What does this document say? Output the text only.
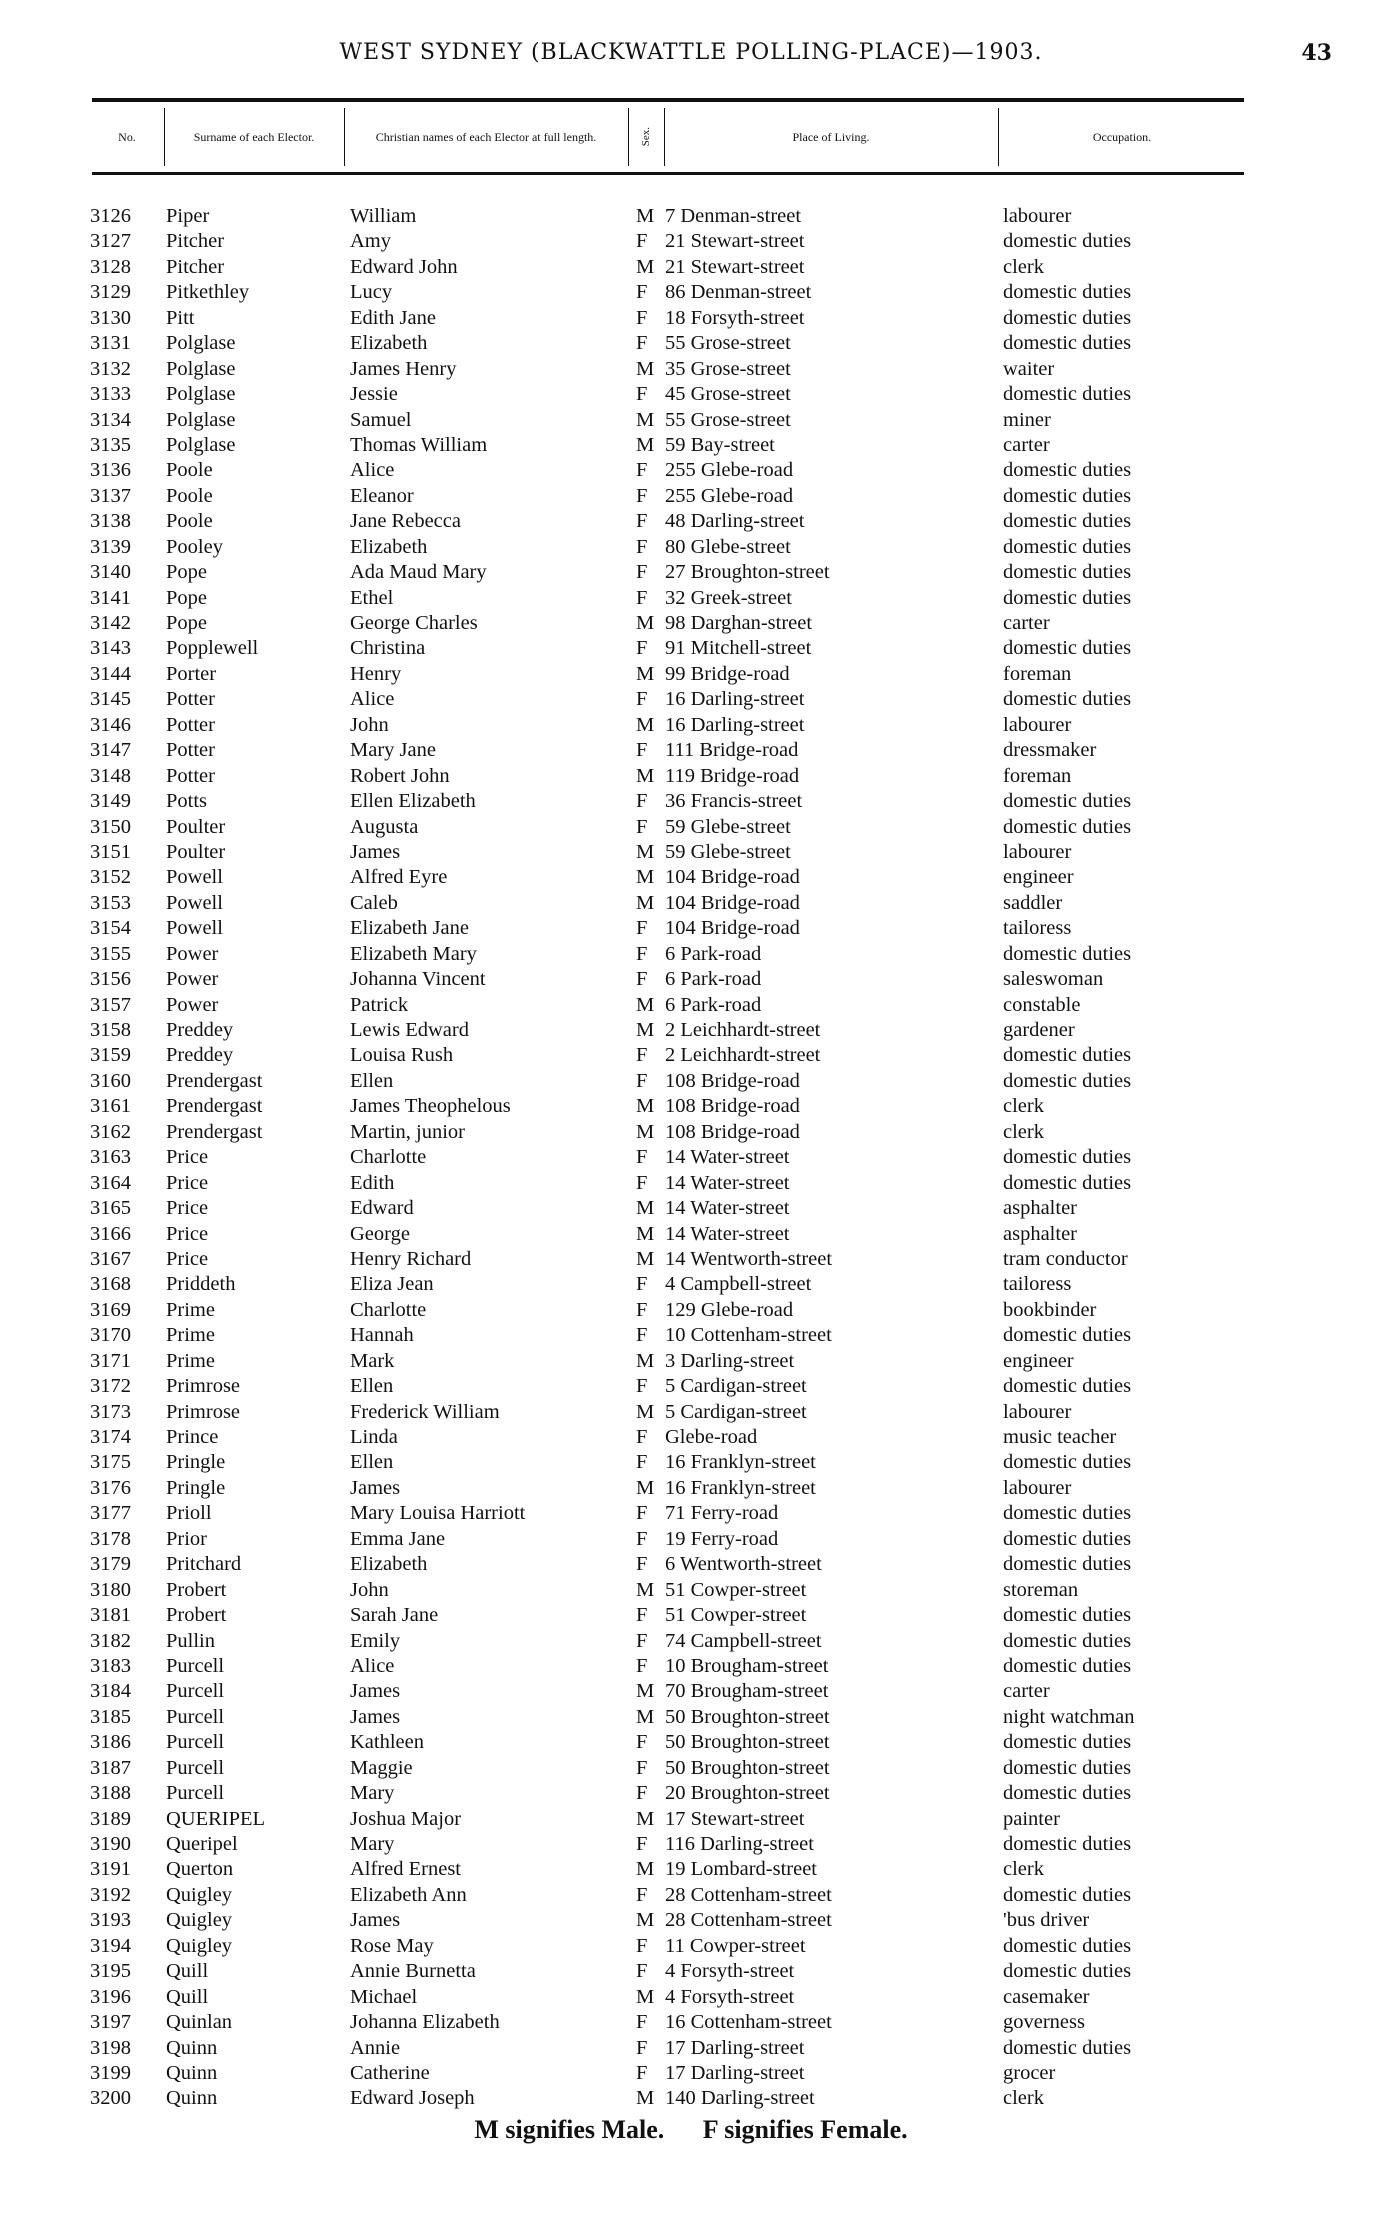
WEST SYDNEY (BLACKWATTLE POLLING-PLACE)—1903.	43
No.	Surname of each Elector.	Christian names of each Elector at full length.	Sex.	Place of Living.	Occupation.
3126 Piper	William	M 7 Denman-street	labourer
3127 Pitcher	Amy	F 21 Stewart-street	domestic duties
3128 Pitcher	Edward John	M 21 Stewart-street	clerk
3129 Pitkethley	Lucy	F 86 Denman-street	domestic duties
3130 Pitt	Edith Jane	F 18 Forsyth-street	domestic duties
3131 Polglase	Elizabeth	F 55 Grose-street	domestic duties
3132 Polglase	James Henry	M 35 Grose-street	waiter
3133 Polglase	Jessie	F 45 Grose-street	domestic duties
3134 Polglase	Samuel	M 55 Grose-street	miner
3135 Polglase	Thomas William	M 59 Bay-street	carter
3136 Poole	Alice	F 255 Glebe-road	domestic duties
3137 Poole	Eleanor	F 255 Glebe-road	domestic duties
3138 Poole	Jane Rebecca	F 48 Darling-street	domestic duties
3139 Pooley	Elizabeth	F 80 Glebe-street	domestic duties
3140 Pope	Ada Maud Mary	F 27 Broughton-street	domestic duties
3141 Pope	Ethel	F 32 Greek-street	domestic duties
3142 Pope	George Charles	M 98 Darghan-street	carter
3143 Popplewell	Christina	F 91 Mitchell-street	domestic duties
3144 Porter	Henry	M 99 Bridge-road	foreman
3145 Potter	Alice	F 16 Darling-street	domestic duties
3146 Potter	John	M 16 Darling-street	labourer
3147 Potter	Mary Jane	F 111 Bridge-road	dressmaker
3148 Potter	Robert John	M 119 Bridge-road	foreman
3149 Potts	Ellen Elizabeth	F 36 Francis-street	domestic duties
3150 Poulter	Augusta	F 59 Glebe-street	domestic duties
3151 Poulter	James	M 59 Glebe-street	labourer
3152 Powell	Alfred Eyre	M 104 Bridge-road	engineer
3153 Powell	Caleb	M 104 Bridge-road	saddler
3154 Powell	Elizabeth Jane	F 104 Bridge-road	tailoress
3155 Power	Elizabeth Mary	F 6 Park-road	domestic duties
3156 Power	Johanna Vincent	F 6 Park-road	saleswoman
3157 Power	Patrick	M 6 Park-road	constable
3158 Preddey	Lewis Edward	M 2 Leichhardt-street	gardener
3159 Preddey	Louisa Rush	F 2 Leichhardt-street	domestic duties
3160 Prendergast	Ellen	F 108 Bridge-road	domestic duties
3161 Prendergast	James Theophelous	M 108 Bridge-road	clerk
3162 Prendergast	Martin, junior	M 108 Bridge-road	clerk
3163 Price	Charlotte	F 14 Water-street	domestic duties
3164 Price	Edith	F 14 Water-street	domestic duties
3165 Price	Edward	M 14 Water-street	asphalter
3166 Price	George	M 14 Water-street	asphalter
3167 Price	Henry Richard	M 14 Wentworth-street	tram conductor
3168 Priddeth	Eliza Jean	F 4 Campbell-street	tailoress
3169 Prime	Charlotte	F 129 Glebe-road	bookbinder
3170 Prime	Hannah	F 10 Cottenham-street	domestic duties
3171 Prime	Mark	M 3 Darling-street	engineer
3172 Primrose	Ellen	F 5 Cardigan-street	domestic duties
3173 Primrose	Frederick William	M 5 Cardigan-street	labourer
3174 Prince	Linda	F Glebe-road	music teacher
3175 Pringle	Ellen	F 16 Franklyn-street	domestic duties
3176 Pringle	James	M 16 Franklyn-street	labourer
3177 Prioll	Mary Louisa Harriott	F 71 Ferry-road	domestic duties
3178 Prior	Emma Jane	F 19 Ferry-road	domestic duties
3179 Pritchard	Elizabeth	F 6 Wentworth-street	domestic duties
3180 Probert	John	M 51 Cowper-street	storeman
3181 Probert	Sarah Jane	F 51 Cowper-street	domestic duties
3182 Pullin	Emily	F 74 Campbell-street	domestic duties
3183 Purcell	Alice	F 10 Brougham-street	domestic duties
3184 Purcell	James	M 70 Brougham-street	carter
3185 Purcell	James	M 50 Broughton-street	night watchman
3186 Purcell	Kathleen	F 50 Broughton-street	domestic duties
3187 Purcell	Maggie	F 50 Broughton-street	domestic duties
3188 Purcell	Mary	F 20 Broughton-street	domestic duties
3189 QUERIPEL	Joshua Major	M 17 Stewart-street	painter
3190 Queripel	Mary	F 116 Darling-street	domestic duties
3191 Querton	Alfred Ernest	M 19 Lombard-street	clerk
3192 Quigley	Elizabeth Ann	F 28 Cottenham-street	domestic duties
3193 Quigley	James	M 28 Cottenham-street	'bus driver
3194 Quigley	Rose May	F 11 Cowper-street	domestic duties
3195 Quill	Annie Burnetta	F 4 Forsyth-street	domestic duties
3196 Quill	Michael	M 4 Forsyth-street	casemaker
3197 Quinlan	Johanna Elizabeth	F 16 Cottenham-street	governess
3198 Quinn	Annie	F 17 Darling-street	domestic duties
3199 Quinn	Catherine	F 17 Darling-street	grocer
3200 Quinn	Edward Joseph	M 140 Darling-street	clerk
M signifies Male. F signifies Female.
